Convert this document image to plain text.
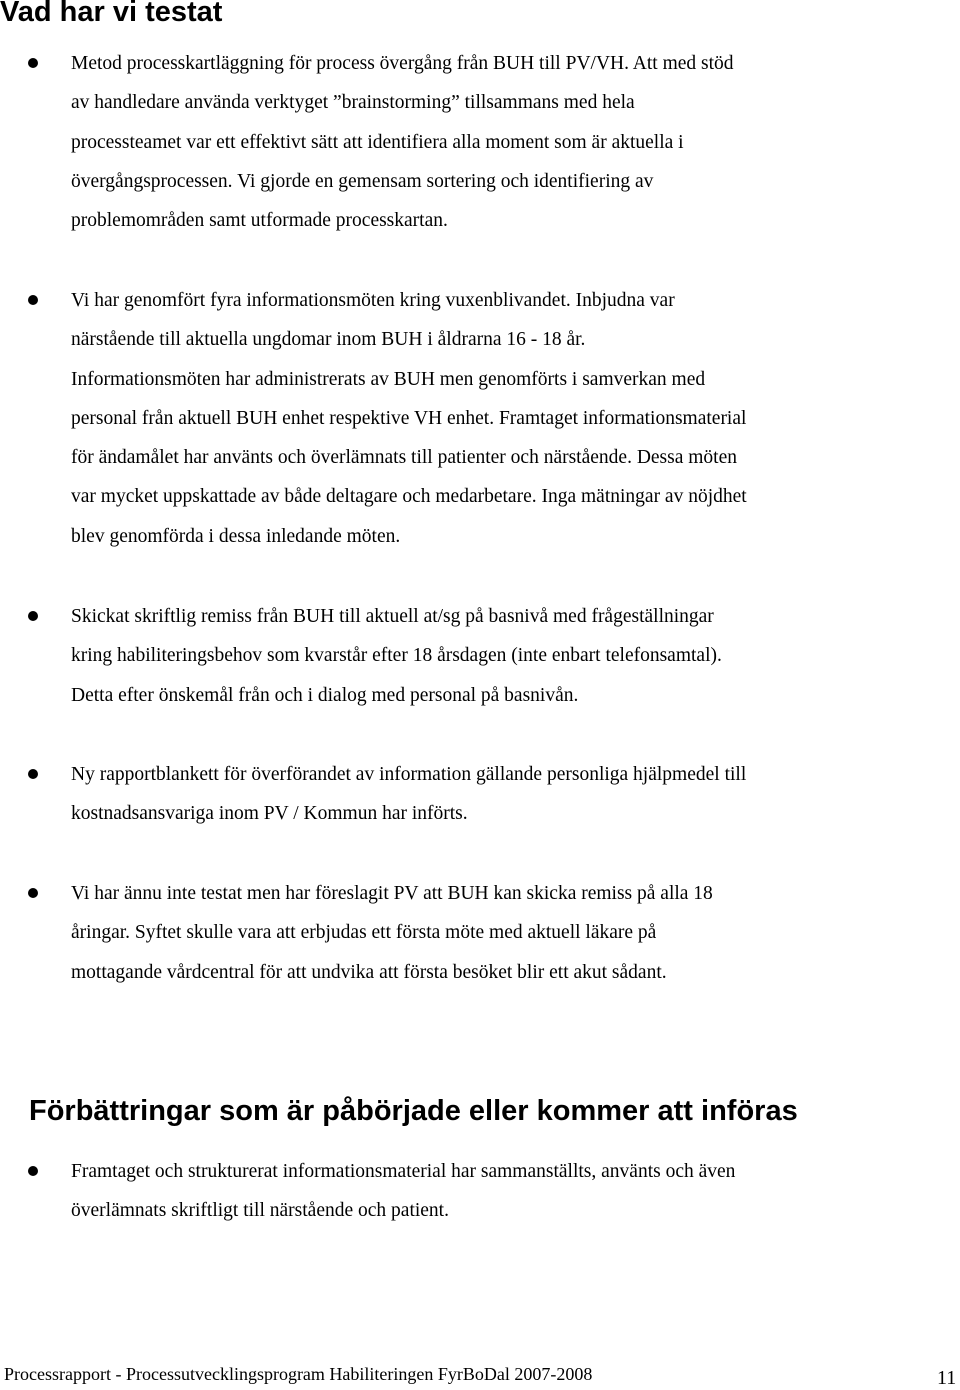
Vad har vi testat

Metod processkartläggning för process övergång från BUH till PV/VH. Att med stöd
av handledare använda verktyget ”brainstorming” tillsammans med hela
processteamet var ett effektivt sätt att identifiera alla moment som är aktuella i
övergångsprocessen. Vi gjorde en gemensam sortering och identifiering av
problemområden samt utformade processkartan.

Vi har genomfört fyra informationsmöten kring vuxenblivandet. Inbjudna var
närstående till aktuella ungdomar inom BUH i åldrarna 16 - 18 år.
Informationsmöten har administrerats av BUH men genomförts i samverkan med
personal från aktuell BUH enhet respektive VH enhet. Framtaget informationsmaterial
för ändamålet har använts och överlämnats till patienter och närstående. Dessa möten
var mycket uppskattade av både deltagare och medarbetare. Inga mätningar av nöjdhet
blev genomförda i dessa inledande möten.

Skickat skriftlig remiss från BUH till aktuell at/sg på basnivå med frågeställningar
kring habiliteringsbehov som kvarstår efter 18 årsdagen (inte enbart telefonsamtal).
Detta efter önskemål från och i dialog med personal på basnivån.

Ny rapportblankett för överförandet av information gällande personliga hjälpmedel till
kostnadsansvariga inom PV / Kommun har införts.

Vi har ännu inte testat men har föreslagit PV att BUH kan skicka remiss på alla 18
åringar. Syftet skulle vara att erbjudas ett första möte med aktuell läkare på
mottagande vårdcentral för att undvika att första besöket blir ett akut sådant.

Förbättringar som är påbörjade eller kommer att införas

Framtaget och strukturerat informationsmaterial har sammanställts, använts och även
överlämnats skriftligt till närstående och patient.

Processrapport - Processutvecklingsprogram Habiliteringen FyrBoDal 2007-2008	11
